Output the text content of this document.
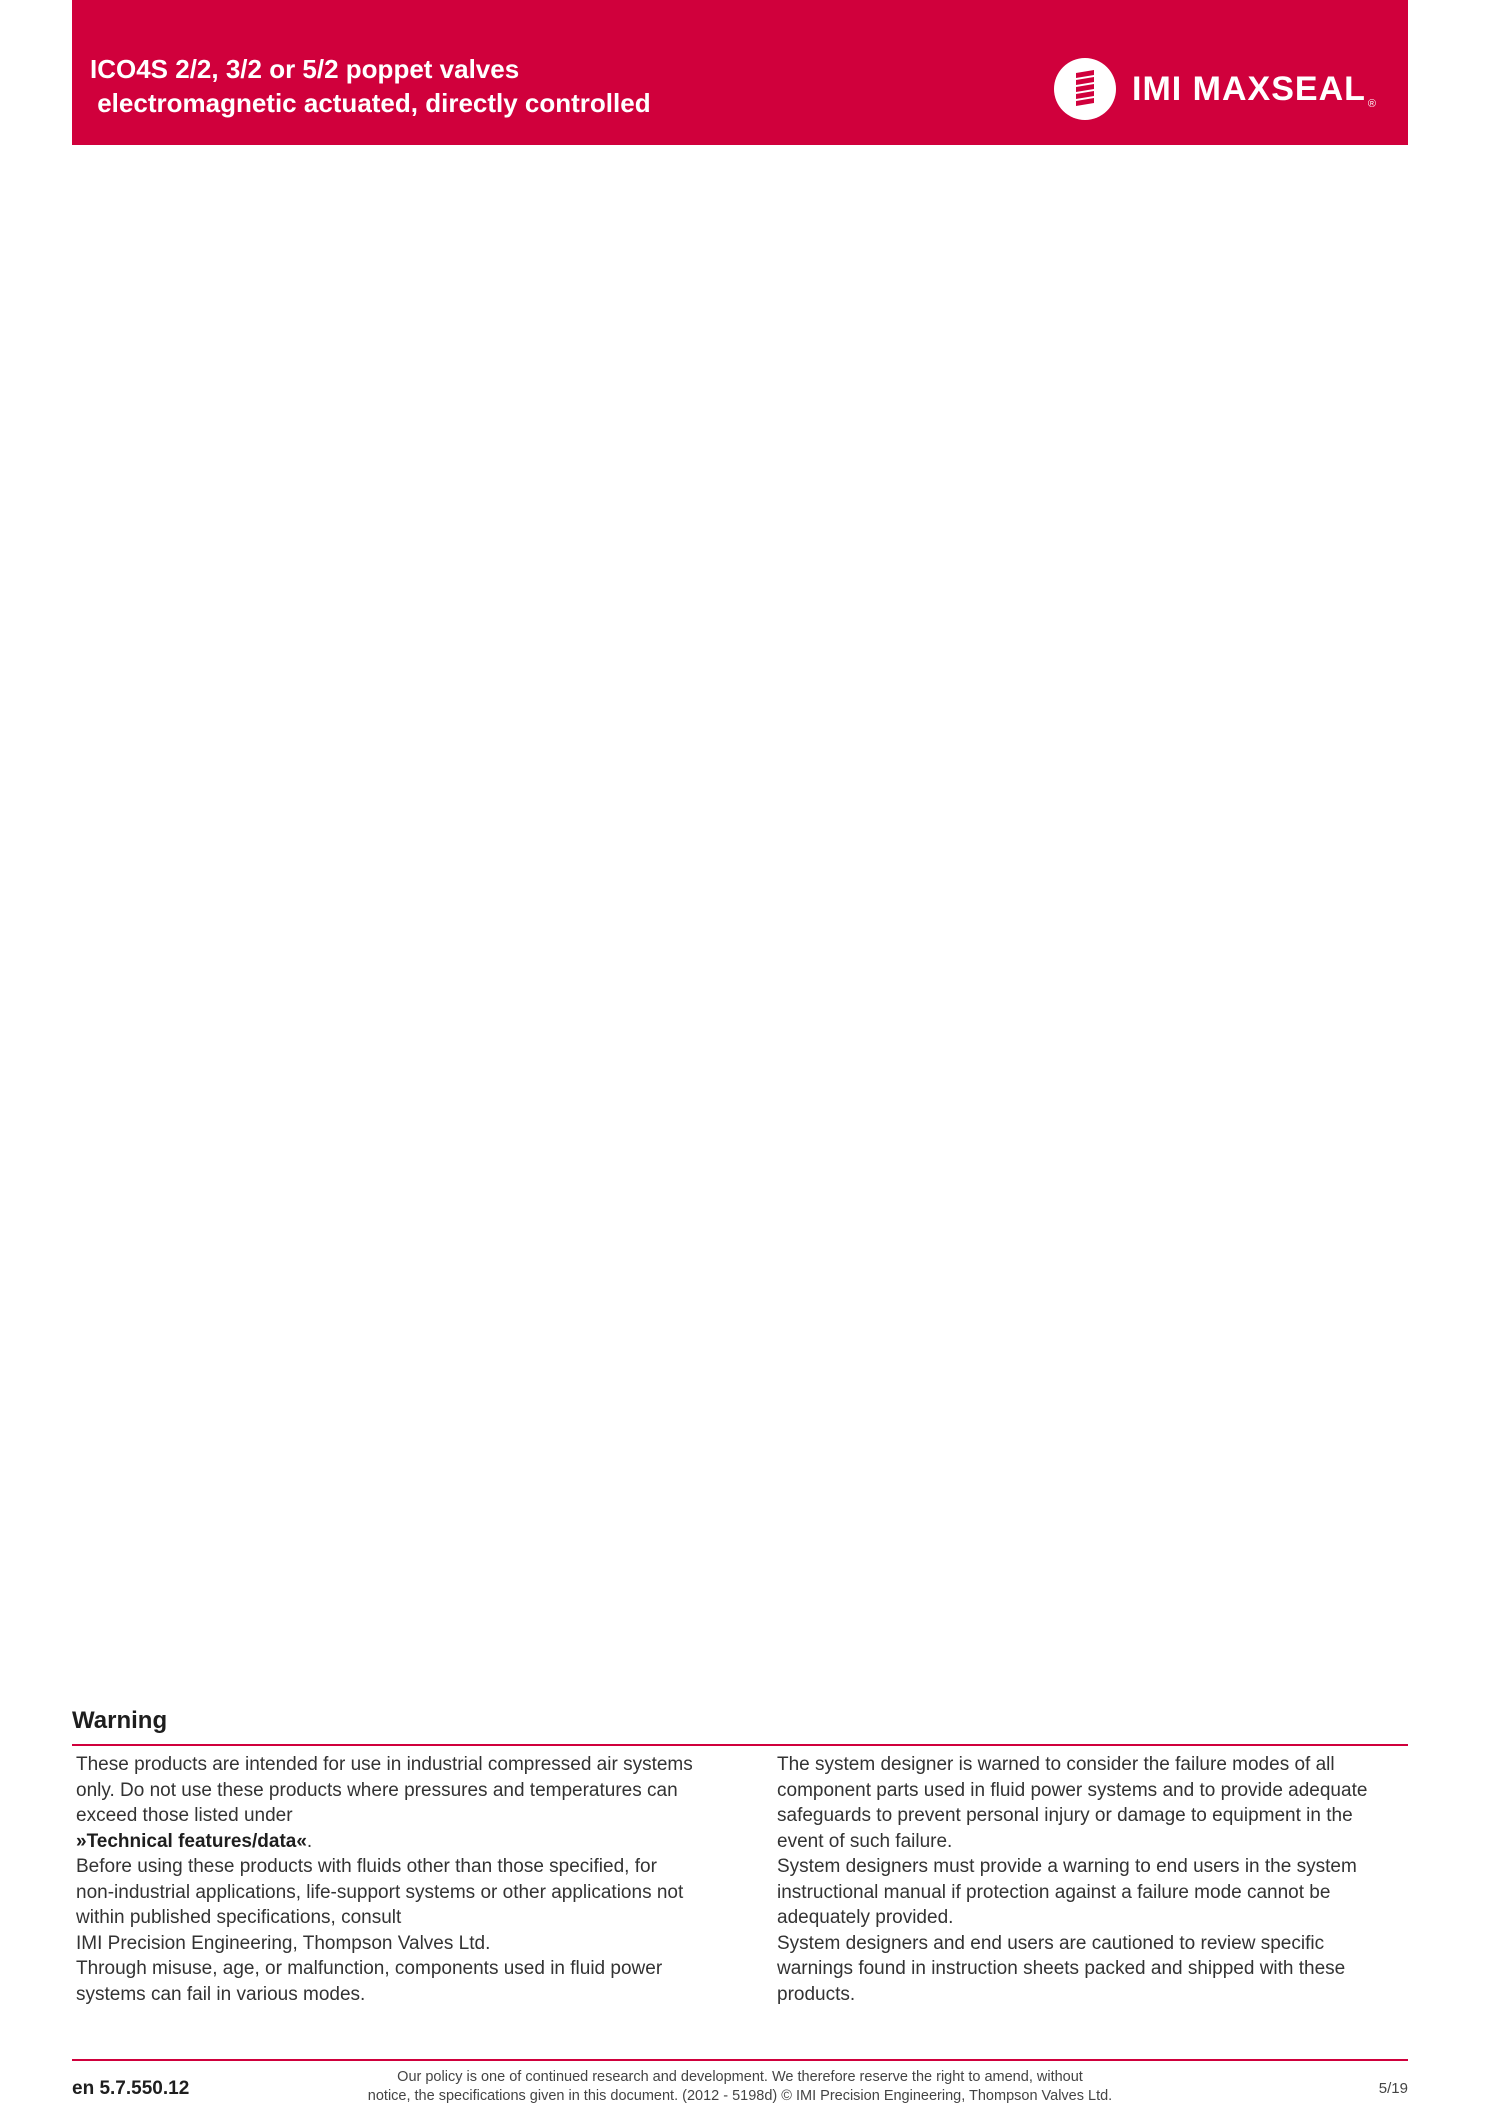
ICO4S 2/2, 3/2 or 5/2 poppet valves
electromagnetic actuated, directly controlled	IMI MAXSEAL ®
Warning

These products are intended for use in industrial compressed air systems only. Do not use these products where pressures and temperatures can exceed those listed under
»Technical features/data«.

Before using these products with fluids other than those specified, for non-industrial applications, life-support systems or other applications not within published specifications, consult

IMI Precision Engineering, Thompson Valves Ltd.

Through misuse, age, or malfunction, components used in fluid power systems can fail in various modes.

The system designer is warned to consider the failure modes of all component parts used in fluid power systems and to provide adequate safeguards to prevent personal injury or damage to equipment in the event of such failure.

System designers must provide a warning to end users in the system instructional manual if protection against a failure mode cannot be adequately provided.

System designers and end users are cautioned to review specific warnings found in instruction sheets packed and shipped with these products.

en 5.7.550.12

Our policy is one of continued research and development. We therefore reserve the right to amend, without

notice, the specifications given in this document. (2012 - 5198d) © IMI Precision Engineering, Thompson Valves Ltd.	5/19
